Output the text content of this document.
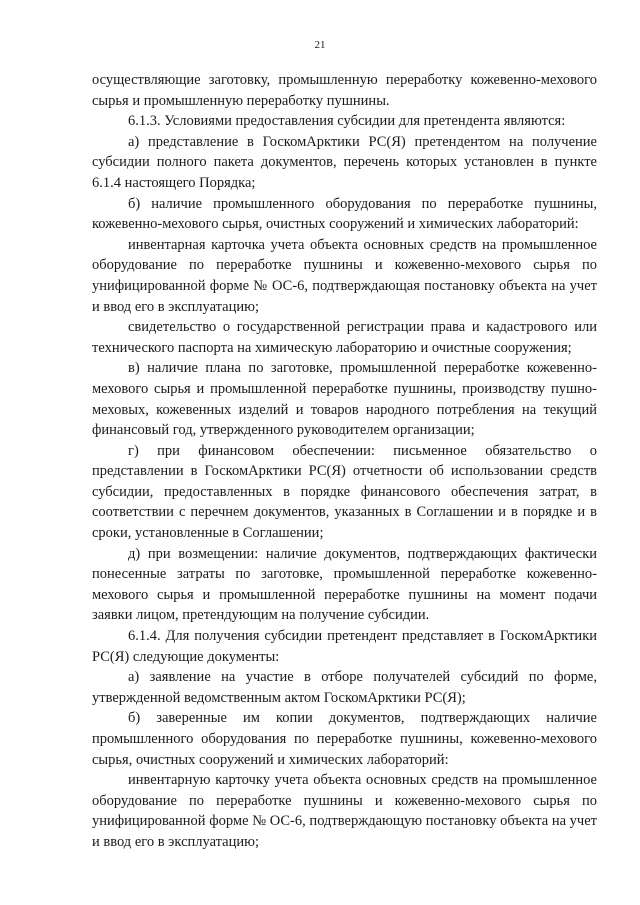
21

осуществляющие заготовку, промышленную переработку кожевенно-мехового сырья и промышленную переработку пушнины.

6.1.3. Условиями предоставления субсидии для претендента являются:

а) представление в ГоскомАрктики РС(Я) претендентом на получение субсидии полного пакета документов, перечень которых установлен в пункте 6.1.4 настоящего Порядка;

б) наличие промышленного оборудования по переработке пушнины, кожевенно-мехового сырья, очистных сооружений и химических лабораторий:

инвентарная карточка учета объекта основных средств на промышленное оборудование по переработке пушнины и кожевенно-мехового сырья по унифицированной форме № ОС-6, подтверждающая постановку объекта на учет и ввод его в эксплуатацию;

свидетельство о государственной регистрации права и кадастрового или технического паспорта на химическую лабораторию и очистные сооружения;

в) наличие плана по заготовке, промышленной переработке кожевенно-мехового сырья и промышленной переработке пушнины, производству пушно-меховых, кожевенных изделий и товаров народного потребления на текущий финансовый год, утвержденного руководителем организации;

г) при финансовом обеспечении: письменное обязательство о представлении в ГоскомАрктики РС(Я) отчетности об использовании средств субсидии, предоставленных в порядке финансового обеспечения затрат, в соответствии с перечнем документов, указанных в Соглашении и в порядке и в сроки, установленные в Соглашении;

д) при возмещении: наличие документов, подтверждающих фактически понесенные затраты по заготовке, промышленной переработке кожевенно-мехового сырья и промышленной переработке пушнины на момент подачи заявки лицом, претендующим на получение субсидии.

6.1.4. Для получения субсидии претендент представляет в ГоскомАрктики РС(Я) следующие документы:

а) заявление на участие в отборе получателей субсидий по форме, утвержденной ведомственным актом ГоскомАрктики РС(Я);

б) заверенные им копии документов, подтверждающих наличие промышленного оборудования по переработке пушнины, кожевенно-мехового сырья, очистных сооружений и химических лабораторий:

инвентарную карточку учета объекта основных средств на промышленное оборудование по переработке пушнины и кожевенно-мехового сырья по унифицированной форме № ОС-6, подтверждающую постановку объекта на учет и ввод его в эксплуатацию;
